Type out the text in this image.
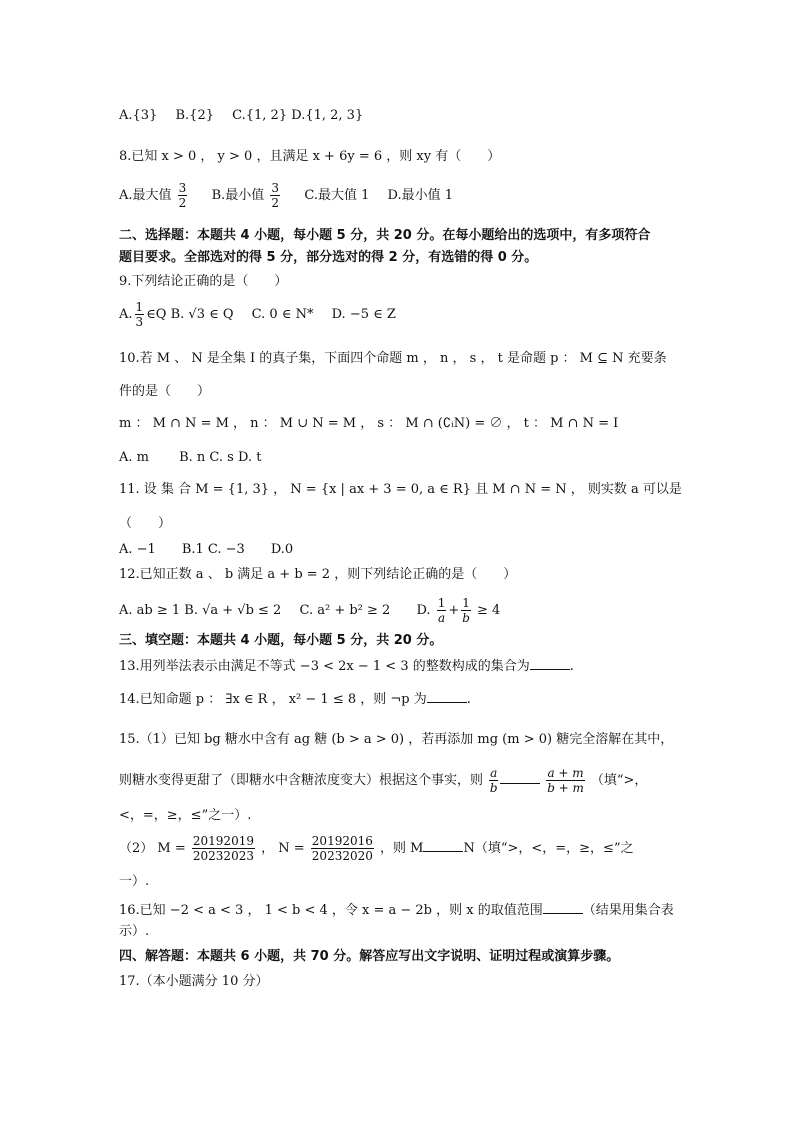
A.{3} B.{2} C.{1, 2} D.{1, 2, 3}
8.已知 x > 0 ， y > 0 ，且满足 x + 6y = 6 ，则 xy 有（　　）
A.最大值 $\frac{3}{2} B$.最小值 $\frac{3}{2} C$.最大值 1 D.最小值 1
二、选择题：本题共 4 小题，每小题 5 分，共 20 分。在每小题给出的选项中，有多项符合
题目要求。全部选对的得 5 分，部分选对的得 2 分，有选错的得 0 分。
9.下列结论正确的是（　　）
A. $\frac{1}{3}$ ∈Q B. √3 ∈ Q C. 0 ∈ N* D. −5 ∈ Z
10.若 M 、 N 是全集 I 的真子集，下面四个命题 m ， n ， s ， t 是命题 p ： M ⊆ N 充要条
件的是（　　）
m ： M ∩ N = M ， n ： M ∪ N = M ， s ： M ∩ (∁ᵢN) = ∅ ， t ： M ∩ N = I
A. m　　 B. n C. s D. t
11. 设 集 合 M = {1, 3} ， N = {x | ax + 3 = 0, a ∈ R} 且 M ∩ N = N ， 则实数 a 可以是
（　　）
A. −1　　B.1 C. −3　　D.0
12.已知正数 a 、 b 满足 a + b = 2 ，则下列结论正确的是（　　）
A. ab ≥ 1 B. √a + √b ≤ 2 C. a² + b² ≥ 2 D. $\frac{1}{a} + \frac{1}{b} \ge 4$
三、填空题：本题共 4 小题，每小题 5 分，共 20 分。
13.用列举法表示由满足不等式 −3 < 2x − 1 < 3 的整数构成的集合为	.
14.已知命题 p ： ∃x ∈ R ， x² − 1 ≤ 8 ，则 ¬p 为	.
15.（1）已知 bg 糖水中含有 ag 糖 (b > a > 0) ，若再添加 mg (m > 0) 糖完全溶解在其中，
则糖水变得更甜了（即糖水中含糖浓度变大）根据这个事实，则 $\frac{a}{b}$
	$\frac{a + m}{b + m}$ （填“>，
<，=，≥，≤”之一）.
（2） $M = \frac{20192019}{20232023}$ ， $N = \frac{20192016}{20232020}$ ，则 M	N（填“>，<，=，≥，≤”之
一）.
16.已知 −2 < a < 3 ， 1 < b < 4 ，令 x = a − 2b ，则 x 的取值范围	（结果用集合表
示）.
四、解答题：本题共 6 小题，共 70 分。解答应写出文字说明、证明过程或演算步骤。
17.（本小题满分 10 分）
